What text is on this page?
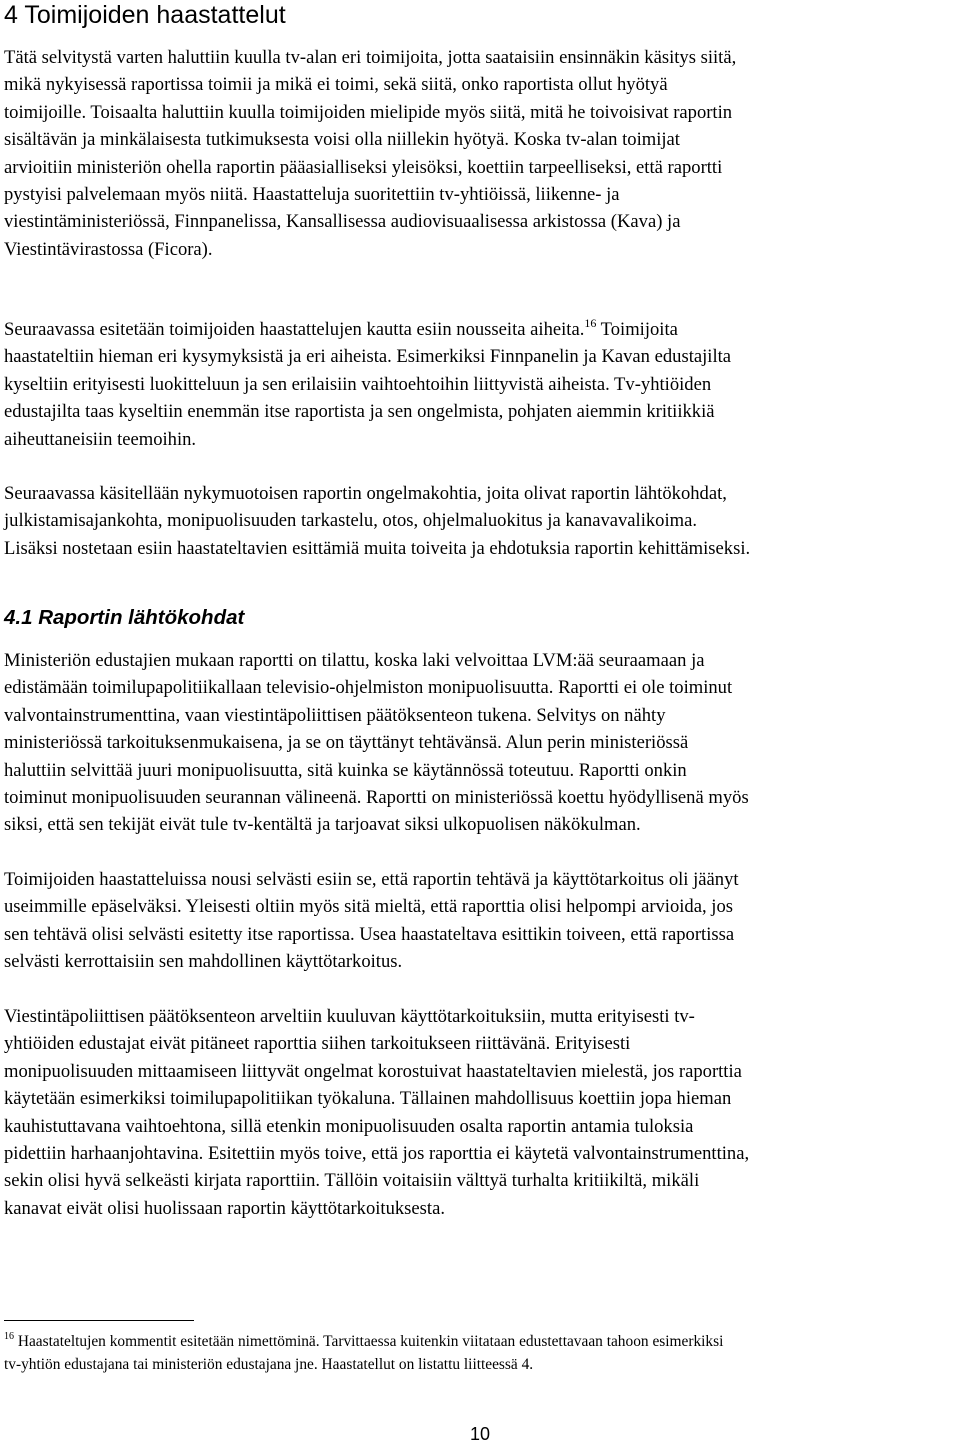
4 Toimijoiden haastattelut
Tätä selvitystä varten haluttiin kuulla tv-alan eri toimijoita, jotta saataisiin ensinnäkin käsitys siitä,
mikä nykyisessä raportissa toimii ja mikä ei toimi, sekä siitä, onko raportista ollut hyötyä
toimijoille. Toisaalta haluttiin kuulla toimijoiden mielipide myös siitä, mitä he toivoisivat raportin
sisältävän ja minkälaisesta tutkimuksesta voisi olla niillekin hyötyä. Koska tv-alan toimijat
arvioitiin ministeriön ohella raportin pääasialliseksi yleisöksi, koettiin tarpeelliseksi, että raportti
pystyisi palvelemaan myös niitä. Haastatteluja suoritettiin tv-yhtiöissä, liikenne- ja
viestintäministeriössä, Finnpanelissa, Kansallisessa audiovisuaalisessa arkistossa (Kava) ja
Viestintävirastossa (Ficora).
Seuraavassa esitetään toimijoiden haastattelujen kautta esiin nousseita aiheita.$^{16}$ Toimijoita
haastateltiin hieman eri kysymyksistä ja eri aiheista. Esimerkiksi Finnpanelin ja Kavan edustajilta
kyseltiin erityisesti luokitteluun ja sen erilaisiin vaihtoehtoihin liittyvistä aiheista. Tv-yhtiöiden
edustajilta taas kyseltiin enemmän itse raportista ja sen ongelmista, pohjaten aiemmin kritiikkiä
aiheuttaneisiin teemoihin.
Seuraavassa käsitellään nykymuotoisen raportin ongelmakohtia, joita olivat raportin lähtökohdat,
julkistamisajankohta, monipuolisuuden tarkastelu, otos, ohjelmaluokitus ja kanavavalikoima.
Lisäksi nostetaan esiin haastateltavien esittämiä muita toiveita ja ehdotuksia raportin kehittämiseksi.
4.1 Raportin lähtökohdat
Ministeriön edustajien mukaan raportti on tilattu, koska laki velvoittaa LVM:ää seuraamaan ja
edistämään toimilupapolitiikallaan televisio-ohjelmiston monipuolisuutta. Raportti ei ole toiminut
valvontainstrumenttina, vaan viestintäpoliittisen päätöksenteon tukena. Selvitys on nähty
ministeriössä tarkoituksenmukaisena, ja se on täyttänyt tehtävänsä. Alun perin ministeriössä
haluttiin selvittää juuri monipuolisuutta, sitä kuinka se käytännössä toteutuu. Raportti onkin
toiminut monipuolisuuden seurannan välineenä. Raportti on ministeriössä koettu hyödyllisenä myös
siksi, että sen tekijät eivät tule tv-kentältä ja tarjoavat siksi ulkopuolisen näkökulman.
Toimijoiden haastatteluissa nousi selvästi esiin se, että raportin tehtävä ja käyttötarkoitus oli jäänyt
useimmille epäselväksi. Yleisesti oltiin myös sitä mieltä, että raporttia olisi helpompi arvioida, jos
sen tehtävä olisi selvästi esitetty itse raportissa. Usea haastateltava esittikin toiveen, että raportissa
selvästi kerrottaisiin sen mahdollinen käyttötarkoitus.
Viestintäpoliittisen päätöksenteon arveltiin kuuluvan käyttötarkoituksiin, mutta erityisesti tv-
yhtiöiden edustajat eivät pitäneet raporttia siihen tarkoitukseen riittävänä. Erityisesti
monipuolisuuden mittaamiseen liittyvät ongelmat korostuivat haastateltavien mielestä, jos raporttia
käytetään esimerkiksi toimilupapolitiikan työkaluna. Tällainen mahdollisuus koettiin jopa hieman
kauhistuttavana vaihtoehtona, sillä etenkin monipuolisuuden osalta raportin antamia tuloksia
pidettiin harhaanjohtavina. Esitettiin myös toive, että jos raporttia ei käytetä valvontainstrumenttina,
sekin olisi hyvä selkeästi kirjata raporttiin. Tällöin voitaisiin välttyä turhalta kritiikiltä, mikäli
kanavat eivät olisi huolissaan raportin käyttötarkoituksesta.
$^{16}$ Haastateltujen kommentit esitetään nimettöminä. Tarvittaessa kuitenkin viitataan edustettavaan tahoon esimerkiksi
tv-yhtiön edustajana tai ministeriön edustajana jne. Haastatellut on listattu liitteessä 4.
10
